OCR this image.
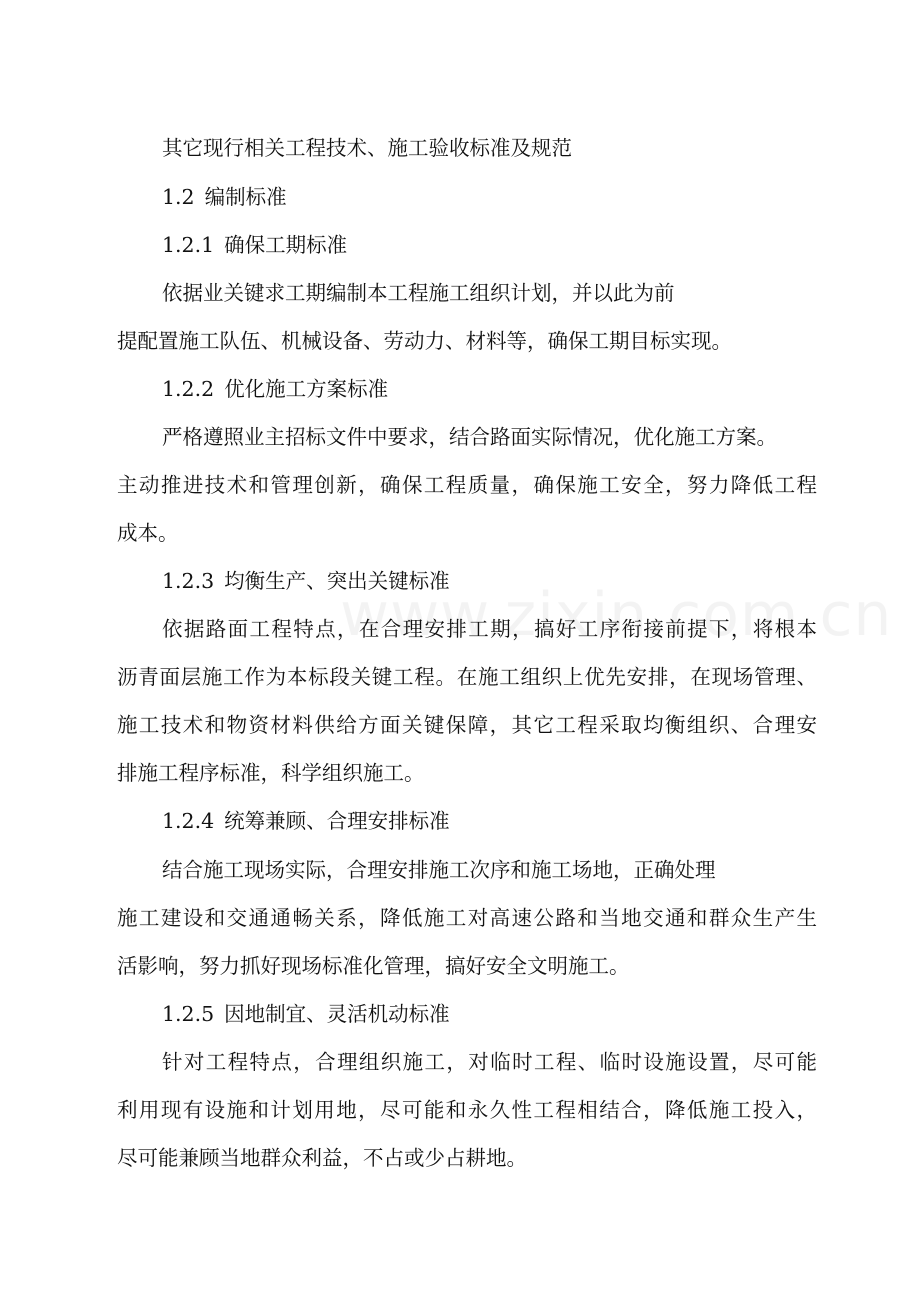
其它现行相关工程技术、施工验收标准及规范
1.2 编制标准
1.2.1 确保工期标准
依据业关键求工期编制本工程施工组织计划，并以此为前
提配置施工队伍、机械设备、劳动力、材料等，确保工期目标实现。
1.2.2 优化施工方案标准
严格遵照业主招标文件中要求，结合路面实际情况，优化施工方案。
主动推进技术和管理创新，确保工程质量，确保施工安全，努力降低工程
成本。
1.2.3 均衡生产、突出关键标准
依据路面工程特点，在合理安排工期，搞好工序衔接前提下，将根本
沥青面层施工作为本标段关键工程。在施工组织上优先安排，在现场管理、
施工技术和物资材料供给方面关键保障，其它工程采取均衡组织、合理安
排施工程序标准，科学组织施工。
1.2.4 统筹兼顾、合理安排标准
结合施工现场实际，合理安排施工次序和施工场地，正确处理
施工建设和交通通畅关系，降低施工对高速公路和当地交通和群众生产生
活影响，努力抓好现场标准化管理，搞好安全文明施工。
1.2.5 因地制宜、灵活机动标准
针对工程特点，合理组织施工，对临时工程、临时设施设置，尽可能
利用现有设施和计划用地，尽可能和永久性工程相结合，降低施工投入，
尽可能兼顾当地群众利益，不占或少占耕地。
